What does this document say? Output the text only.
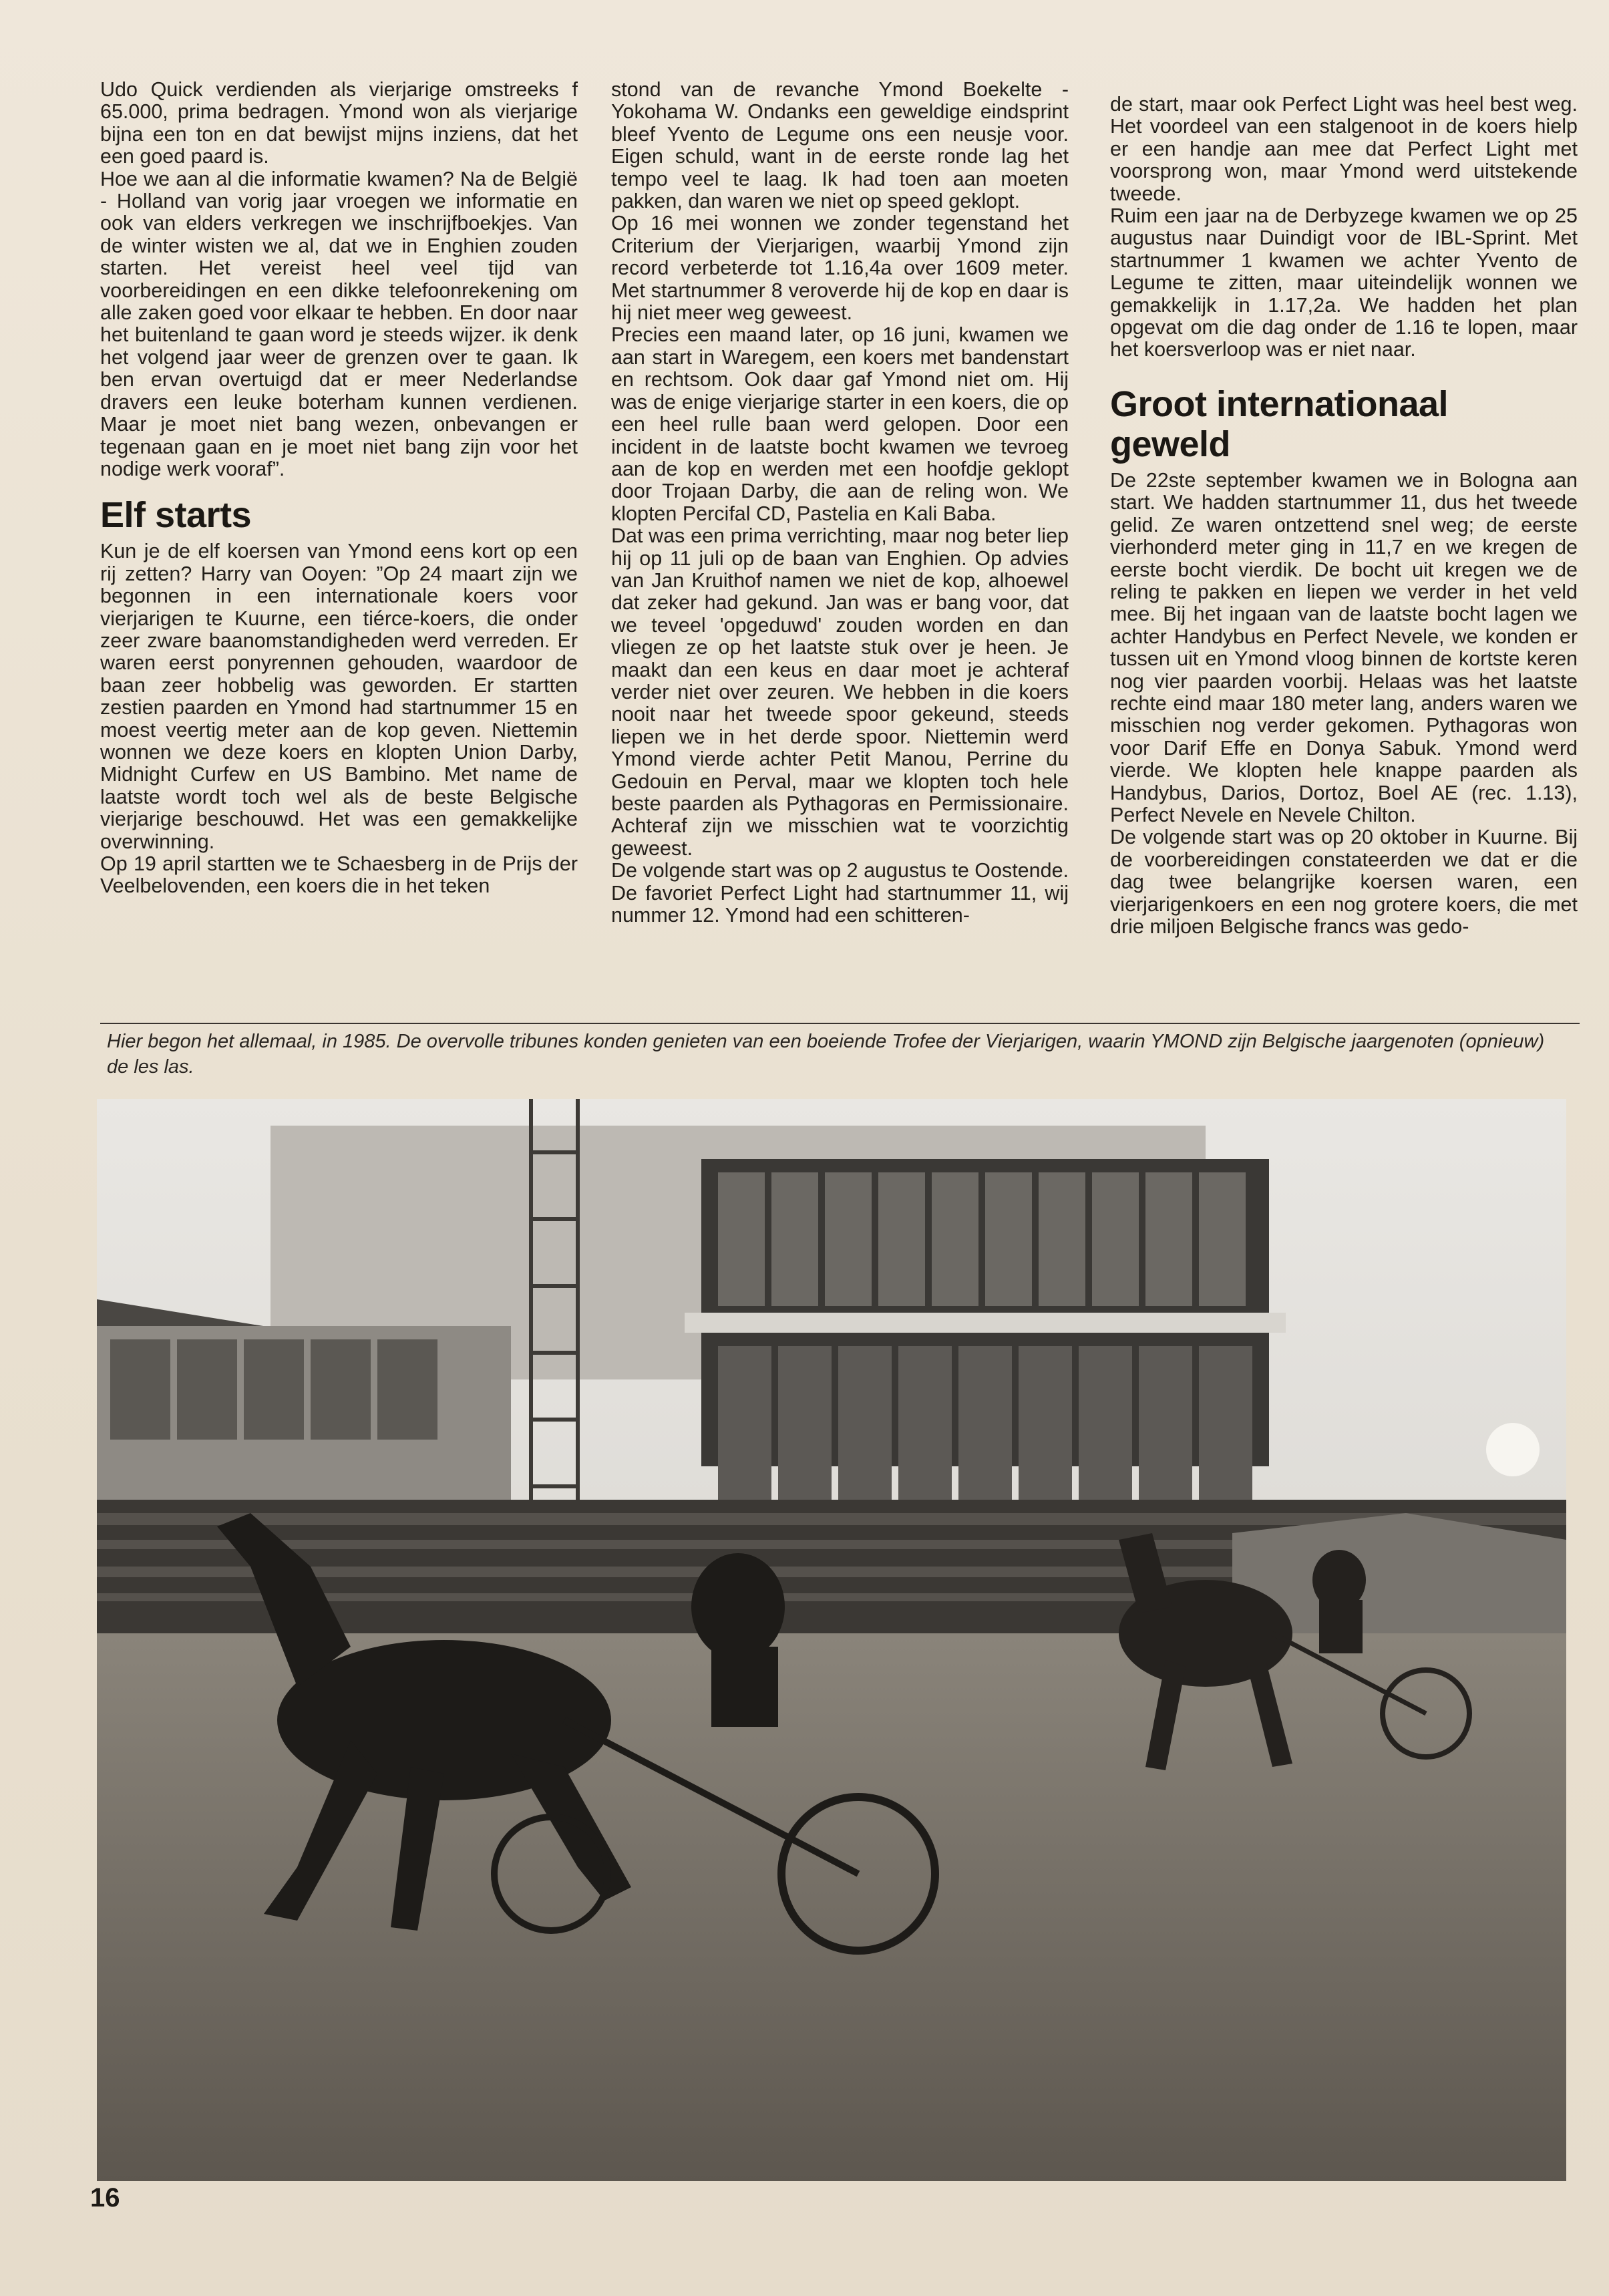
Udo Quick verdienden als vierjarige omstreeks f 65.000, prima bedragen. Ymond won als vierjarige bijna een ton en dat bewijst mijns inziens, dat het een goed paard is.

Hoe we aan al die informatie kwamen? Na de België - Holland van vorig jaar vroegen we informatie en ook van elders verkregen we inschrijfboekjes. Van de winter wisten we al, dat we in Enghien zouden starten. Het vereist heel veel tijd van voorbereidingen en een dikke telefoonrekening om alle zaken goed voor elkaar te hebben. En door naar het buitenland te gaan word je steeds wijzer. ik denk het volgend jaar weer de grenzen over te gaan. Ik ben ervan overtuigd dat er meer Nederlandse dravers een leuke boterham kunnen verdienen. Maar je moet niet bang wezen, onbevangen er tegenaan gaan en je moet niet bang zijn voor het nodige werk vooraf”.

Elf starts

Kun je de elf koersen van Ymond eens kort op een rij zetten? Harry van Ooyen: ”Op 24 maart zijn we begonnen in een internationale koers voor vierjarigen te Kuurne, een tiérce-koers, die onder zeer zware baanomstandigheden werd verreden. Er waren eerst ponyrennen gehouden, waardoor de baan zeer hobbelig was geworden. Er startten zestien paarden en Ymond had startnummer 15 en moest veertig meter aan de kop geven. Niettemin wonnen we deze koers en klopten Union Darby, Midnight Curfew en US Bambino. Met name de laatste wordt toch wel als de beste Belgische vierjarige beschouwd. Het was een gemakkelijke overwinning.

Op 19 april startten we te Schaesberg in de Prijs der Veelbelovenden, een koers die in het teken

stond van de revanche Ymond Boekelte - Yokohama W. Ondanks een geweldige eindsprint bleef Yvento de Legume ons een neusje voor. Eigen schuld, want in de eerste ronde lag het tempo veel te laag. Ik had toen aan moeten pakken, dan waren we niet op speed geklopt.

Op 16 mei wonnen we zonder tegenstand het Criterium der Vierjarigen, waarbij Ymond zijn record verbeterde tot 1.16,4a over 1609 meter. Met startnummer 8 veroverde hij de kop en daar is hij niet meer weg geweest.

Precies een maand later, op 16 juni, kwamen we aan start in Waregem, een koers met bandenstart en rechtsom. Ook daar gaf Ymond niet om. Hij was de enige vierjarige starter in een koers, die op een heel rulle baan werd gelopen. Door een incident in de laatste bocht kwamen we tevroeg aan de kop en werden met een hoofdje geklopt door Trojaan Darby, die aan de reling won. We klopten Percifal CD, Pastelia en Kali Baba.

Dat was een prima verrichting, maar nog beter liep hij op 11 juli op de baan van Enghien. Op advies van Jan Kruithof namen we niet de kop, alhoewel dat zeker had gekund. Jan was er bang voor, dat we teveel 'opgeduwd' zouden worden en dan vliegen ze op het laatste stuk over je heen. Je maakt dan een keus en daar moet je achteraf verder niet over zeuren. We hebben in die koers nooit naar het tweede spoor gekeund, steeds liepen we in het derde spoor. Niettemin werd Ymond vierde achter Petit Manou, Perrine du Gedouin en Perval, maar we klopten toch hele beste paarden als Pythagoras en Permissionaire. Achteraf zijn we misschien wat te voorzichtig geweest.

De volgende start was op 2 augustus te Oostende. De favoriet Perfect Light had startnummer 11, wij nummer 12. Ymond had een schitteren-

de start, maar ook Perfect Light was heel best weg. Het voordeel van een stalgenoot in de koers hielp er een handje aan mee dat Perfect Light met voorsprong won, maar Ymond werd uitstekende tweede.

Ruim een jaar na de Derbyzege kwamen we op 25 augustus naar Duindigt voor de IBL-Sprint. Met startnummer 1 kwamen we achter Yvento de Legume te zitten, maar uiteindelijk wonnen we gemakkelijk in 1.17,2a. We hadden het plan opgevat om die dag onder de 1.16 te lopen, maar het koersverloop was er niet naar.

Groot internationaal geweld

De 22ste september kwamen we in Bologna aan start. We hadden startnummer 11, dus het tweede gelid. Ze waren ontzettend snel weg; de eerste vierhonderd meter ging in 11,7 en we kregen de eerste bocht vierdik. De bocht uit kregen we de reling te pakken en liepen we verder in het veld mee. Bij het ingaan van de laatste bocht lagen we achter Handybus en Perfect Nevele, we konden er tussen uit en Ymond vloog binnen de kortste keren nog vier paarden voorbij. Helaas was het laatste rechte eind maar 180 meter lang, anders waren we misschien nog verder gekomen. Pythagoras won voor Darif Effe en Donya Sabuk. Ymond werd vierde. We klopten hele knappe paarden als Handybus, Darios, Dortoz, Boel AE (rec. 1.13), Perfect Nevele en Nevele Chilton.

De volgende start was op 20 oktober in Kuurne. Bij de voorbereidingen constateerden we dat er die dag twee belangrijke koersen waren, een vierjarigenkoers en een nog grotere koers, die met drie miljoen Belgische francs was gedo-

Hier begon het allemaal, in 1985. De overvolle tribunes konden genieten van een boeiende Trofee der Vierjarigen, waarin YMOND zijn Belgische jaargenoten (opnieuw) de les las.
16
